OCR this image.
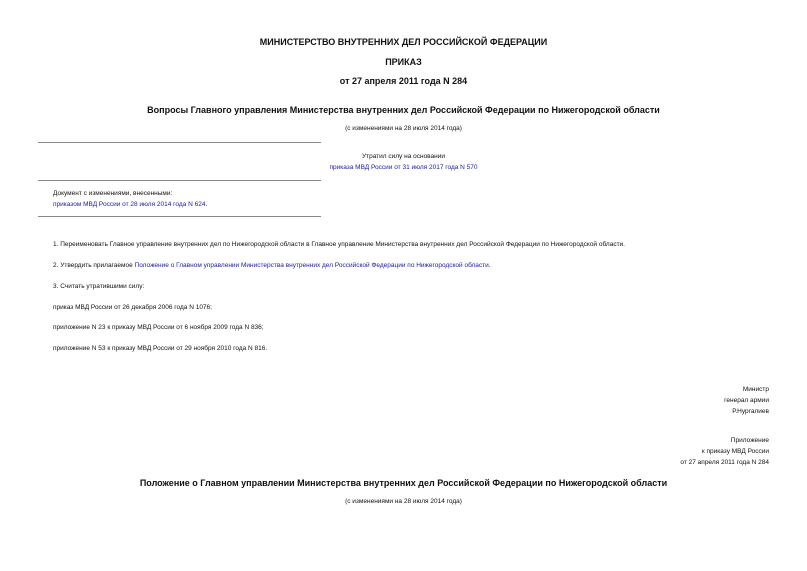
МИНИСТЕРСТВО ВНУТРЕННИХ ДЕЛ РОССИЙСКОЙ ФЕДЕРАЦИИ
ПРИКАЗ
от 27 апреля 2011 года N 284
Вопросы Главного управления Министерства внутренних дел Российской Федерации по Нижегородской области
(с изменениями на 28 июля 2014 года)
Утратил силу на основании
приказа МВД России от 31 июля 2017 года N 570
Документ с изменениями, внесенными:
приказом МВД России от 28 июля 2014 года N 624.
1. Переименовать Главное управление внутренних дел по Нижегородской области в Главное управление Министерства внутренних дел Российской Федерации по Нижегородской области.
2. Утвердить прилагаемое Положение о Главном управлении Министерства внутренних дел Российской Федерации по Нижегородской области.
3. Считать утратившими силу:
приказ МВД России от 26 декабря 2006 года N 1076;
приложение N 23 к приказу МВД России от 6 ноября 2009 года N 836;
приложение N 53 к приказу МВД России от 29 ноября 2010 года N 816.
Министр
генерал армии
Р.Нургалиев
Приложение
к приказу МВД России
от 27 апреля 2011 года N 284
Положение о Главном управлении Министерства внутренних дел Российской Федерации по Нижегородской области
(с изменениями на 28 июля 2014 года)
